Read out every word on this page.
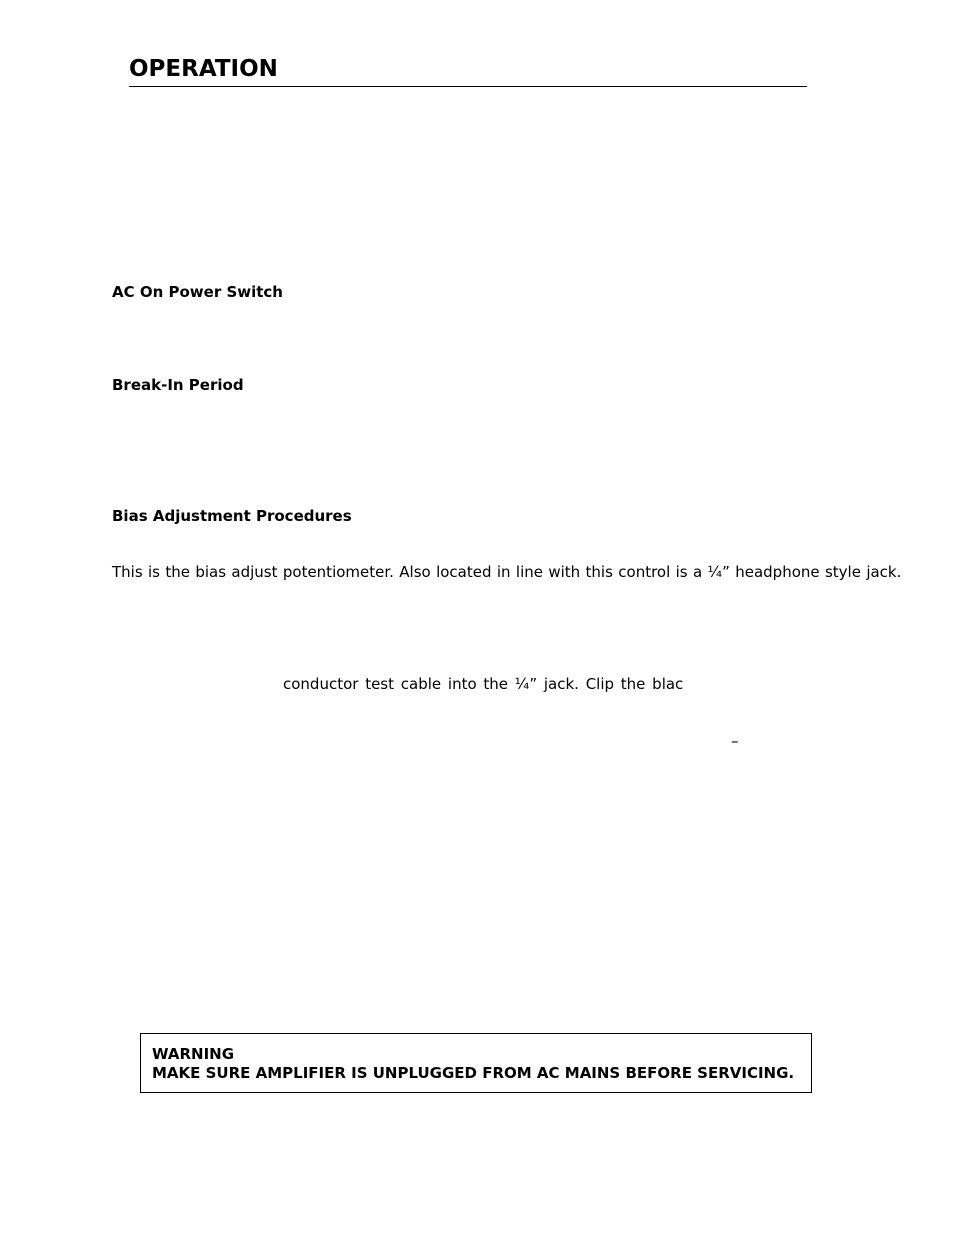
OPERATION
AC On Power Switch
Break-In Period
Bias Adjustment Procedures

This is the bias adjust potentiometer. Also located in line with this control is a ¼” headphone style jack.

conductor test cable into the ¼” jack. Clip the blac

–

WARNING

MAKE SURE AMPLIFIER IS UNPLUGGED FROM AC MAINS BEFORE SERVICING.
